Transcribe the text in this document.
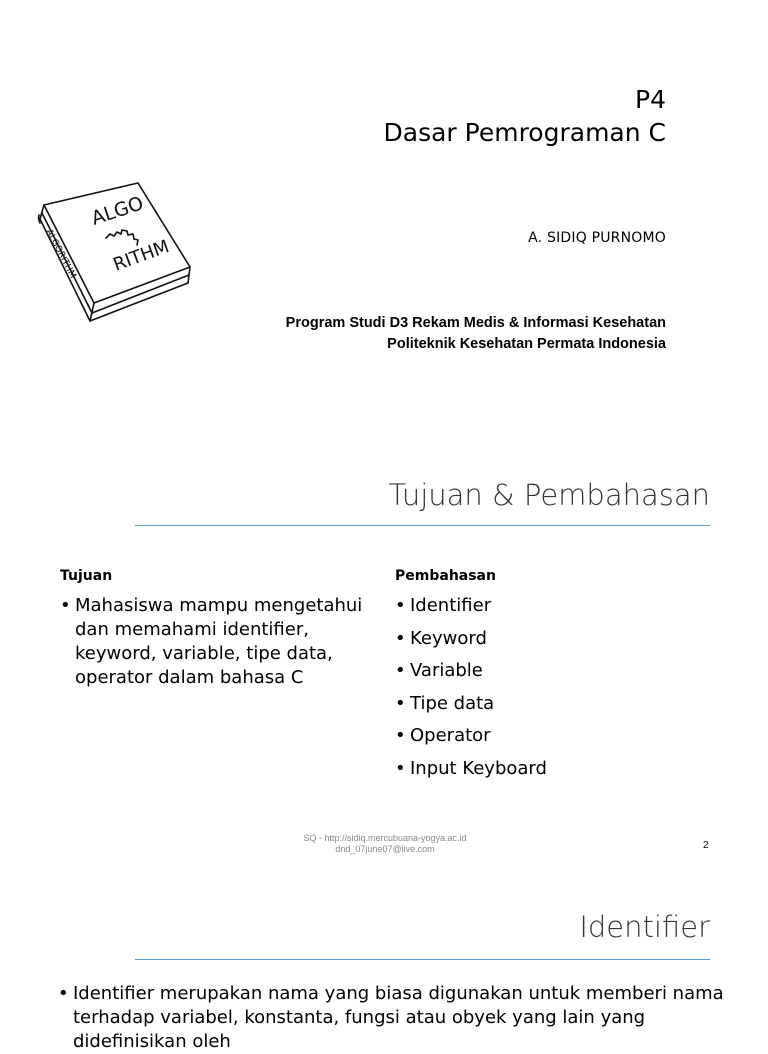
P4
Dasar Pemrograman C
ALGO
RITHM
ALGORITHM	A. SIDIQ PURNOMO
Program Studi D3 Rekam Medis & Informasi Kesehatan
Politeknik Kesehatan Permata Indonesia
Tujuan & Pembahasan
Tujuan
• Mahasiswa mampu mengetahui dan memahami identifier, keyword, variable, tipe data, operator dalam bahasa C
Pembahasan
• Identifier
• Keyword
• Variable
• Tipe data
• Operator
• Input Keyboard
SQ - http://sidiq.mercubuana-yogya.ac.id
dnd_07june07@live.com	2
Identifier
• Identifier merupakan nama yang biasa digunakan untuk memberi nama terhadap variabel, konstanta, fungsi atau obyek yang lain yang didefinisikan oleh
